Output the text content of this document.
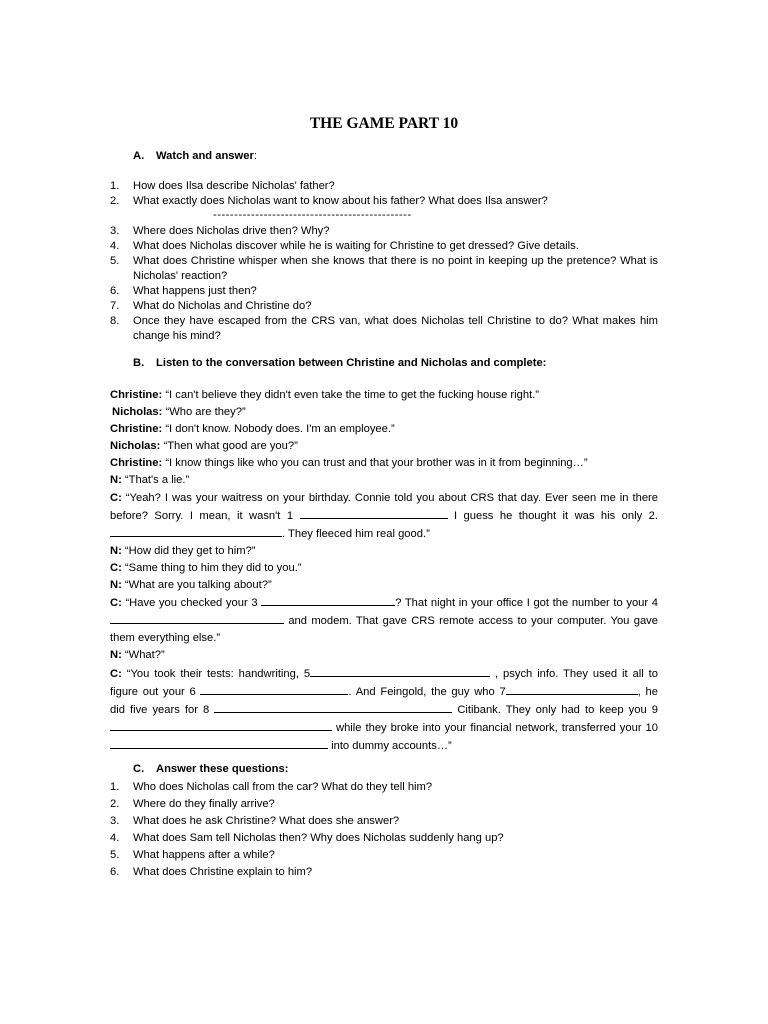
THE GAME PART 10
A. Watch and answer:
1.	How does Ilsa describe Nicholas' father?
2.	What exactly does Nicholas want to know about his father? What does Ilsa answer?
-----------------------------------------------
3.	Where does Nicholas drive then? Why?
4.	What does Nicholas discover while he is waiting for Christine to get dressed? Give details.
5.	What does Christine whisper when she knows that there is no point in keeping up the pretence? What is Nicholas' reaction?
6.	What happens just then?
7.	What do Nicholas and Christine do?
8.	Once they have escaped from the CRS van, what does Nicholas tell Christine to do? What makes him change his mind?
B. Listen to the conversation between Christine and Nicholas and complete:

Christine: “I can't believe they didn't even take the time to get the fucking house right.”

Nicholas: “Who are they?”

Christine: “I don't know. Nobody does. I'm an employee.”

Nicholas: “Then what good are you?”

Christine: “I know things like who you can trust and that your brother was in it from beginning…”

N: “That's a lie.”

C: “Yeah? I was your waitress on your birthday. Connie told you about CRS that day. Ever seen me in there before? Sorry. I mean, it wasn't 1	I guess he thought it was his only 2. . They fleeced him real good.”

N: “How did they get to him?”

C: “Same thing to him they did to you.”

N: “What are you talking about?”

C: “Have you checked your 3	? That night in your office I got the number to your 4  and modem. That gave CRS remote access to your computer. You gave them everything else.”

N: “What?”

C: “You took their tests: handwriting, 5	, psych info. They used it all to figure out your 6	. And Feingold, the guy who 7	, he did five years for 8	Citibank. They only had to keep you 9  while they broke into your financial network, transferred your 10  into dummy accounts…”

C. Answer these questions:
1.	Who does Nicholas call from the car? What do they tell him?
2.	Where do they finally arrive?
3.	What does he ask Christine? What does she answer?
4.	What does Sam tell Nicholas then? Why does Nicholas suddenly hang up?
5.	What happens after a while?
6.	What does Christine explain to him?
